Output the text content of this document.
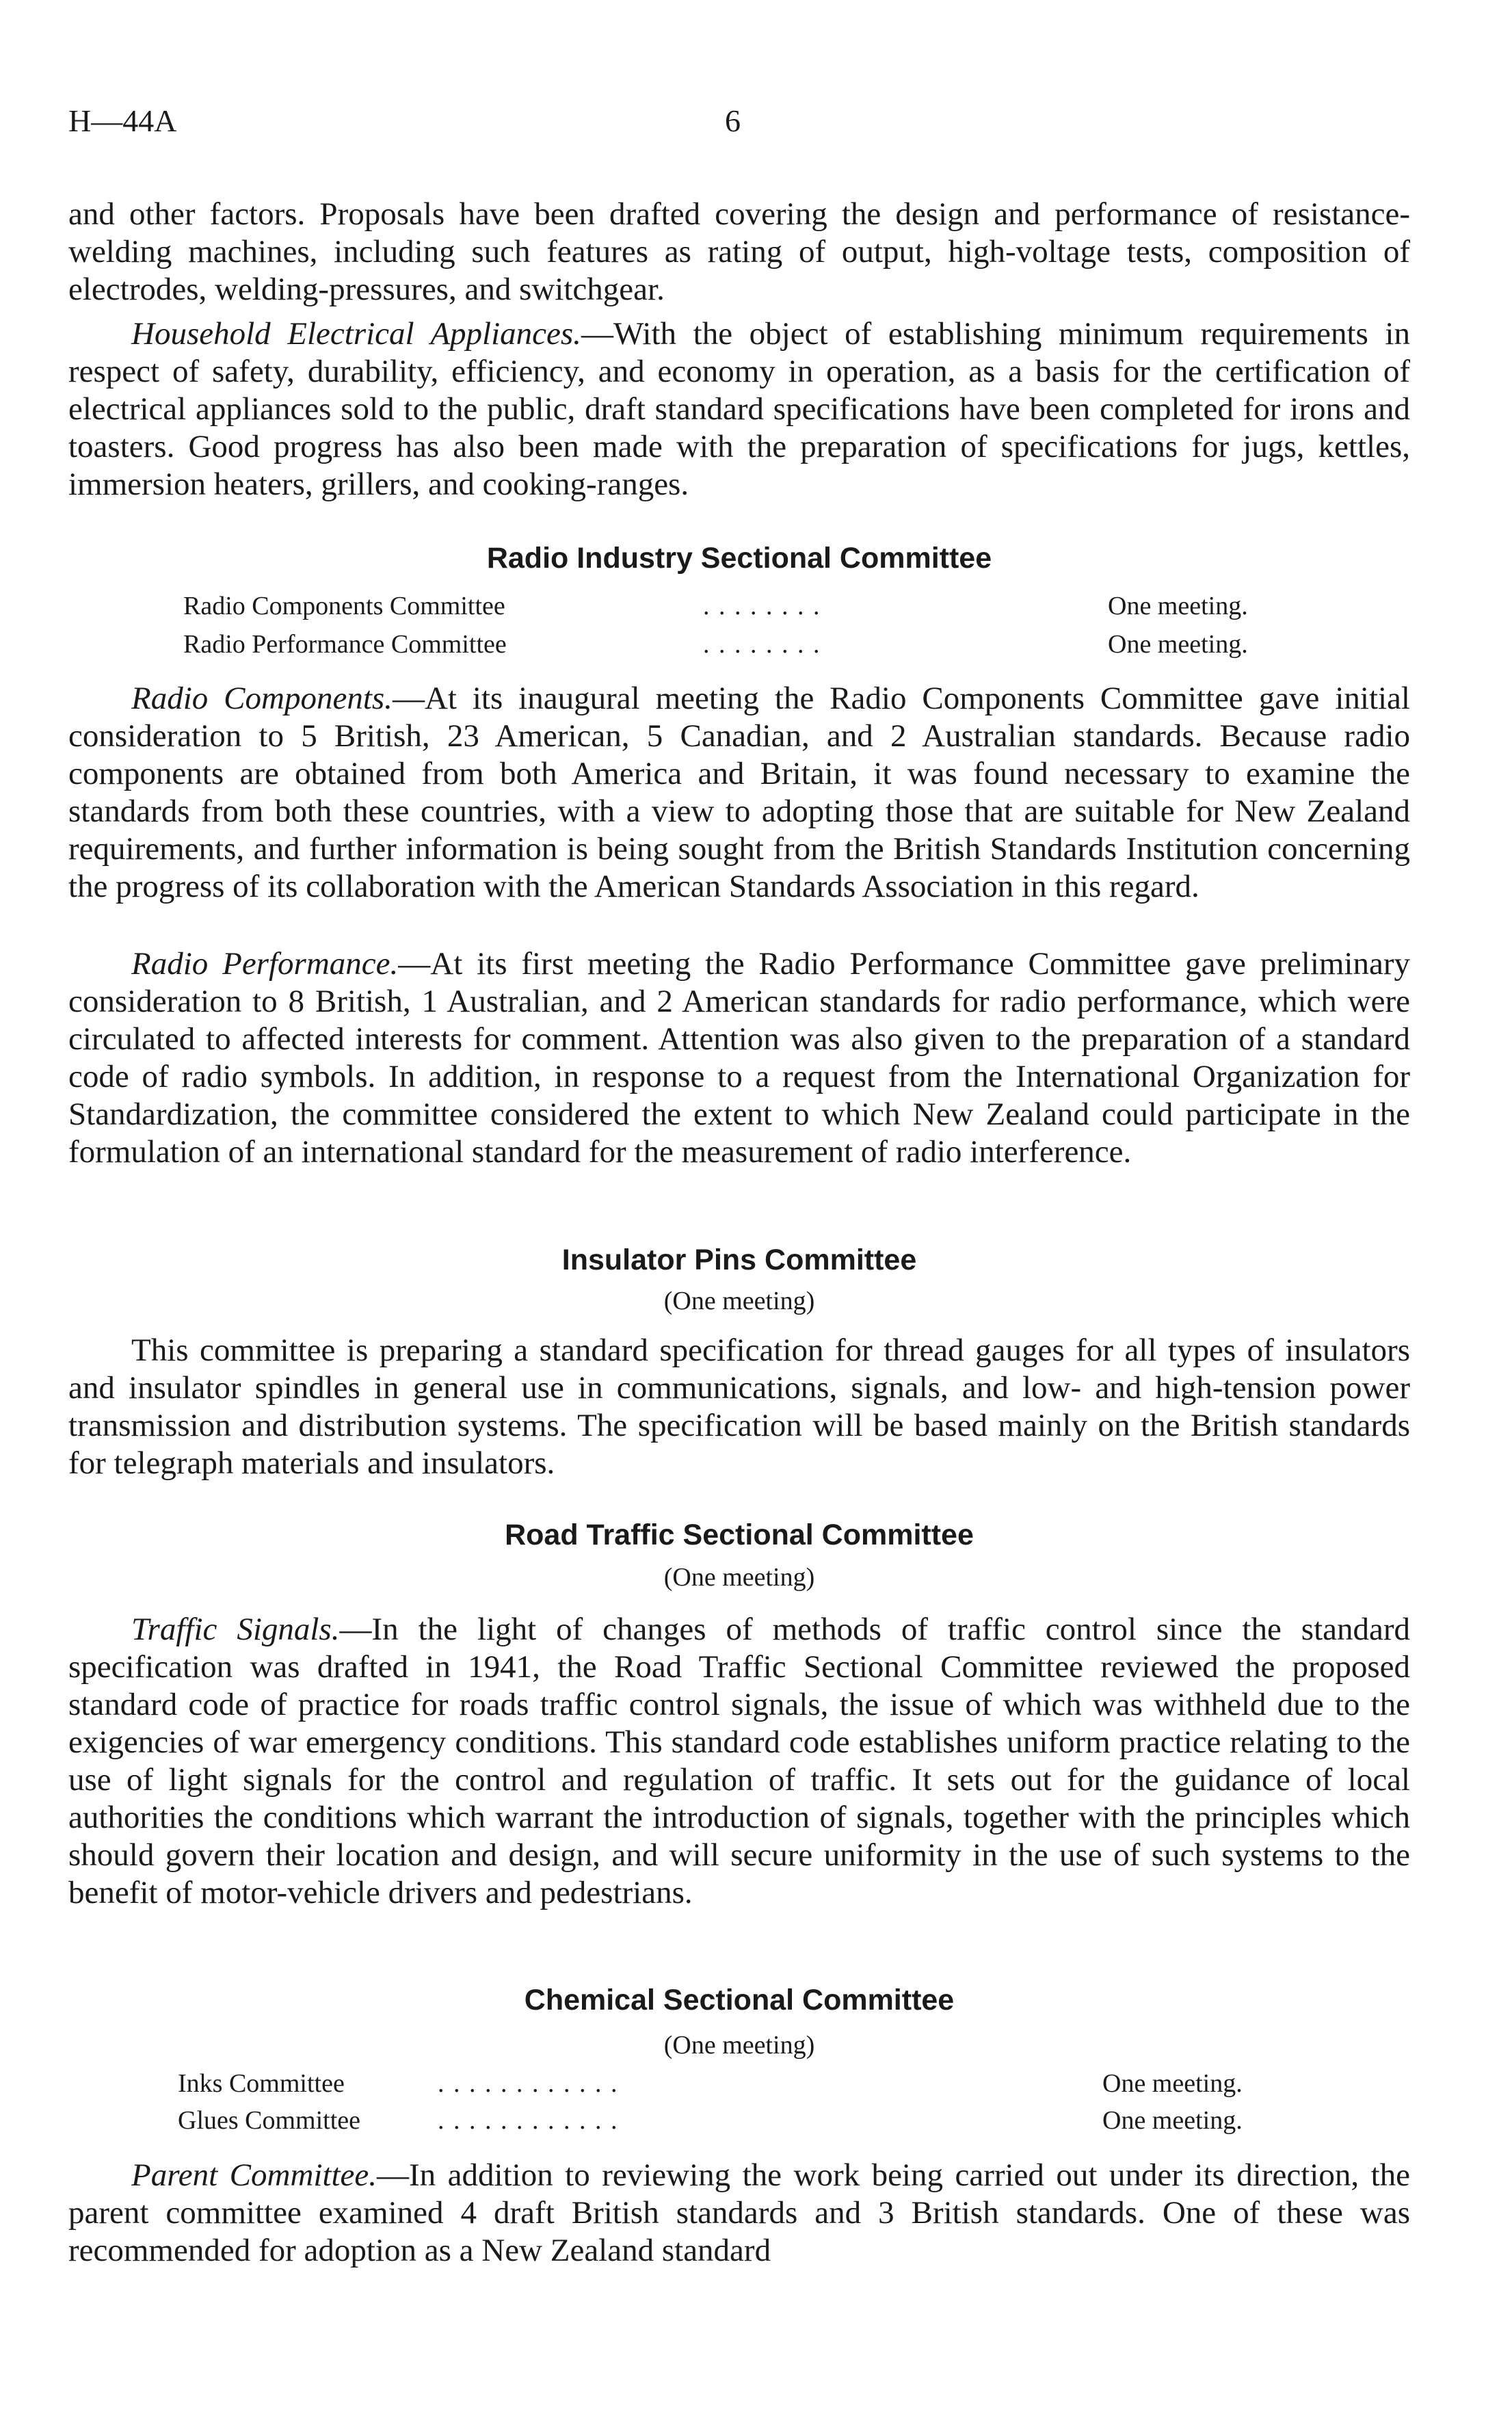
H—44A	6

and other factors. Proposals have been drafted covering the design and performance of resistance-welding machines, including such features as rating of output, high-voltage tests, composition of electrodes, welding-pressures, and switchgear.

Household Electrical Appliances.—With the object of establishing minimum requirements in respect of safety, durability, efficiency, and economy in operation, as a basis for the certification of electrical appliances sold to the public, draft standard specifications have been completed for irons and toasters. Good progress has also been made with the preparation of specifications for jugs, kettles, immersion heaters, grillers, and cooking-ranges.

Radio Industry Sectional Committee
Radio Components Committee	. . . . . . . .	One meeting.
Radio Performance Committee	. . . . . . . .	One meeting.

Radio Components.—At its inaugural meeting the Radio Components Committee gave initial consideration to 5 British, 23 American, 5 Canadian, and 2 Australian standards. Because radio components are obtained from both America and Britain, it was found necessary to examine the standards from both these countries, with a view to adopting those that are suitable for New Zealand requirements, and further information is being sought from the British Standards Institution concerning the progress of its collaboration with the American Standards Association in this regard.

Radio Performance.—At its first meeting the Radio Performance Committee gave preliminary consideration to 8 British, 1 Australian, and 2 American standards for radio performance, which were circulated to affected interests for comment. Attention was also given to the preparation of a standard code of radio symbols. In addition, in response to a request from the International Organization for Standardization, the committee considered the extent to which New Zealand could participate in the formulation of an international standard for the measurement of radio interference.

Insulator Pins Committee
(One meeting)

This committee is preparing a standard specification for thread gauges for all types of insulators and insulator spindles in general use in communications, signals, and low- and high-tension power transmission and distribution systems. The specification will be based mainly on the British standards for telegraph materials and insulators.

Road Traffic Sectional Committee
(One meeting)

Traffic Signals.—In the light of changes of methods of traffic control since the standard specification was drafted in 1941, the Road Traffic Sectional Committee reviewed the proposed standard code of practice for roads traffic control signals, the issue of which was withheld due to the exigencies of war emergency conditions. This standard code establishes uniform practice relating to the use of light signals for the control and regulation of traffic. It sets out for the guidance of local authorities the conditions which warrant the introduction of signals, together with the principles which should govern their location and design, and will secure uniformity in the use of such systems to the benefit of motor-vehicle drivers and pedestrians.

Chemical Sectional Committee
(One meeting)
Inks Committee	. . . . . . . . . . . .	One meeting.
Glues Committee	. . . . . . . . . . . .	One meeting.

Parent Committee.—In addition to reviewing the work being carried out under its direction, the parent committee examined 4 draft British standards and 3 British standards. One of these was recommended for adoption as a New Zealand standard
